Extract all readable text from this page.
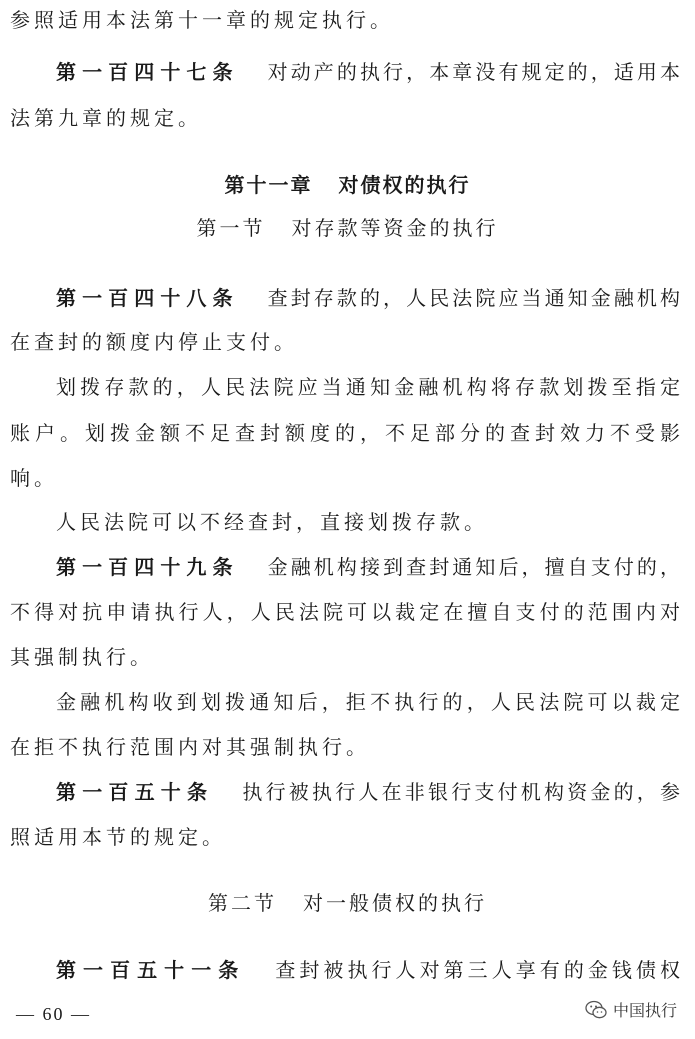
参照适用本法第十一章的规定执行。
第一百四十七条 对动产的执行，本章没有规定的，适用本
法第九章的规定。
第十一章 对债权的执行
第一节 对存款等资金的执行
第一百四十八条 查封存款的，人民法院应当通知金融机构
在查封的额度内停止支付。
划拨存款的，人民法院应当通知金融机构将存款划拨至指定
账户。划拨金额不足查封额度的，不足部分的查封效力不受影
响。
人民法院可以不经查封，直接划拨存款。
第一百四十九条 金融机构接到查封通知后，擅自支付的，
不得对抗申请执行人，人民法院可以裁定在擅自支付的范围内对
其强制执行。
金融机构收到划拨通知后，拒不执行的，人民法院可以裁定
在拒不执行范围内对其强制执行。
第一百五十条 执行被执行人在非银行支付机构资金的，参
照适用本节的规定。
第二节 对一般债权的执行
第一百五十一条 查封被执行人对第三人享有的金钱债权
— 60 —	中国执行
